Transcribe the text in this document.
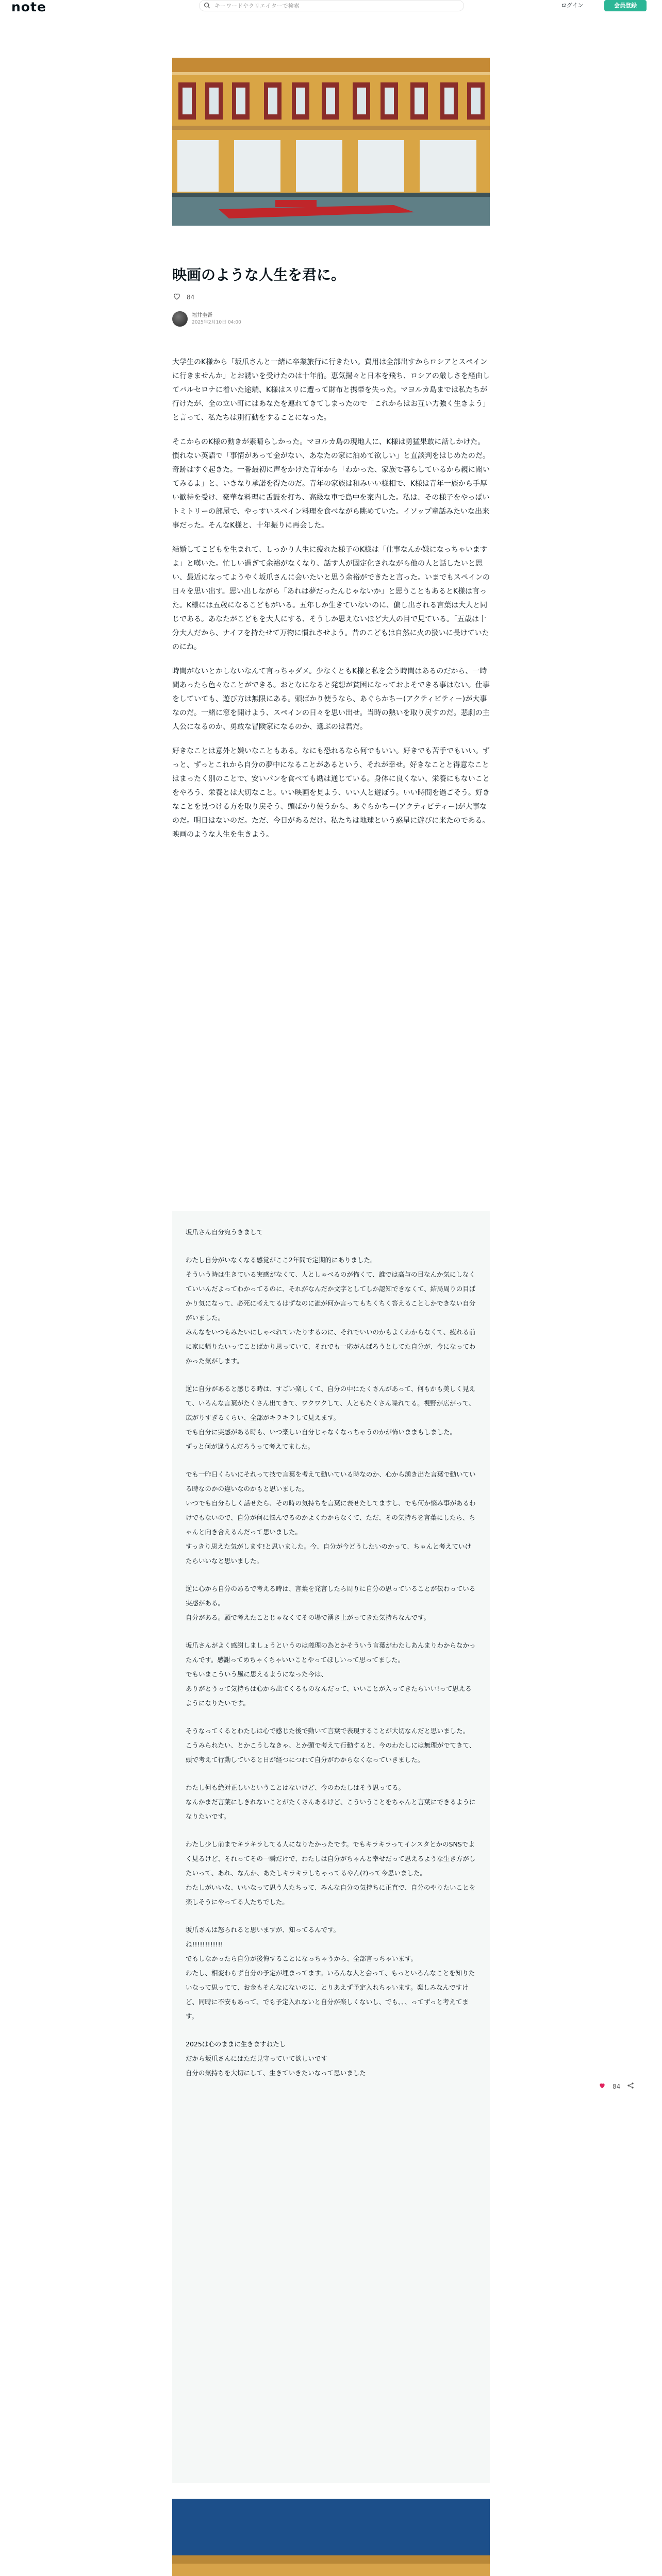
note
キーワードやクリエイターで検索	ログイン	会員登録
映画のような人生を君に。
84
福井圭吾
2025年2月10日 04:00

大学生のK様から「坂爪さんと一緒に卒業旅行に行きたい。費用は全部出すからロシアとスペインに行きませんか」とお誘いを受けたのは十年前。恵気揚々と日本を飛ち、ロシアの厳しさを経由してバルセロナに着いた途端、K様はスリに遭って財布と携帯を失った。マヨルカ島までは私たちが行けたが、全の立い町にはあなたを連れてきてしまったので「これからはお互い力強く生きよう」と言って、私たちは別行動をすることになった。

そこからのK様の動きが素晴らしかった。マヨルカ島の現地人に、K様は勇猛果敢に話しかけた。慣れない英語で「事情があって金がない、あなたの家に泊めて欲しい」と直談判をはじめたのだ。奇跡はすぐ起きた。一番最初に声をかけた青年から「わかった、家族で暮らしているから親に聞いてみるよ」と、いきなり承諾を得たのだ。青年の家族は和みいい様相で、K様は青年一族から手厚い歓待を受け、豪華な料理に舌鼓を打ち、高級な車で島中を案内した。私は、その様子をやっぱいトミトリーの部屋で、やっすいスペイン料理を食べながら眺めていた。イソップ童話みたいな出来事だった。そんなK様と、十年振りに再会した。

結婚してこどもを生まれて、しっかり人生に疲れた様子のK様は「仕事なんか嫌になっちゃいますよ」と嘆いた。忙しい過ぎて余裕がなくなり、話す人が固定化されながら他の人と話したいと思い、最近になってようやく坂爪さんに会いたいと思う余裕ができたと言った。いまでもスペインの日々を思い出す。思い出しながら「あれは夢だったんじゃないか」と思うこともあるとK様は言った。K様には五歳になるこどもがいる。五年しか生きていないのに、偏し出される言葉は大人と同じである。あなたがこどもを大人にする、そうしか思えないほど大人の目で見ている。「五歳は十分大人だから、ナイフを持たせて万物に慣れさせよう。昔のこどもは自然に火の扱いに長けていたのにね。

時間がないとかしないなんて言っちゃダメ。少なくともK様と私を会う時間はあるのだから、一時間あったら色々なことができる。おとなになると発想が貧困になっておよそできる事はない。仕事をしていても、遊び方は無限にある。頭ばかり使うなら、あぐらかちー(アクティビティー)が大事なのだ。一緒に窓を開けよう、スペインの日々を思い出せ。当時の熱いを取り戻すのだ。悲劇の主人公になるのか、勇敢な冒険家になるのか、選ぶのは君だ。

好きなことは意外と嫌いなこともある。なにも恐れるなら何でもいい。好きでも苦手でもいい。ずっと、ずっとこれから自分の夢中になることがあるという、それが幸せ。好きなことと得意なことはまったく別のことで、安いパンを食べても勘は通じている。身体に良くない、栄養にもないことをやろう、栄養とは大切なこと。いい映画を見よう、いい人と遊ぼう。いい時間を過ごそう。好きなことを見つける方を取り戻そう、頭ばかり使うから、あぐらかちー(アクティビティー)が大事なのだ。明日はないのだ。ただ、今日があるだけ。私たちは地球という惑星に遊びに来たのである。映画のような人生を生きよう。

坂爪さん自分宛うきまして

わたし自分がいなくなる感覚がここ2年間で定期的にありました。
そういう時は生きている実感がなくて、人としゃべるのが怖くて、誰では高与の目なんか気にしなくていいんだよってわかってるのに、それがなんだか文字としてしか認知できなくて、結局周りの目ばかり気になって、必死に考えてるはずなのに誰が何か言ってもちくちく答えることしかできない自分がいました。
みんなをいつもみたいにしゃべれていたりするのに、それでいいのかもよくわからなくて、疲れる前に家に帰りたいってことばかり思っていて、それでも一応がんばろうとしてた自分が、今になってわかった気がします。

逆に自分があると感じる時は、すごい楽しくて、自分の中にたくさんがあって、何もかも美しく見えて、いろんな言葉がたくさん出てきて、ワクワクして、人ともたくさん喋れてる。視野が広がって、広がりすぎるくらい、全部がキラキラして見えます。
でも自分に実感がある時も、いつ楽しい自分じゃなくなっちゃうのかが怖いままもしました。
ずっと何が違うんだろうって考えてました。

でも一昨日くらいにそれって技で言葉を考えて動いている時なのか、心から湧き出た言葉で動いている時なのかの違いなのかもと思いました。
いつでも自分らしく話せたら、その時の気持ちを言葉に表せたしてますし、でも何か悩み事があるわけでもないので、自分が何に悩んでるのかよくわからなくて、ただ、その気持ちを言葉にしたら、ちゃんと向き合えるんだって思いました。
すっきり思えた気がします!と思いました。今、自分が今どうしたいのかって、ちゃんと考えていけたらいいなと思いました。

逆に心から自分のあるで考える時は、言葉を発言したら周りに自分の思っていることが伝わっている実感がある。
自分がある。頭で考えたことじゃなくてその場で湧き上がってきた気持ちなんです。

坂爪さんがよく感謝しましょうというのは義理の為とかそういう言葉がわたしあんまりわからなかったんです。感謝ってめちゃくちゃいいことやってほしいって思ってました。
でもいまこういう風に思えるようになった今は、
ありがとうって気持ちは心から出てくるものなんだって、いいことが入ってきたらいい!って思えるようになりたいです。

そうなってくるとわたしは心で感じた後で動いて言葉で表現することが大切なんだと思いました。
こうみられたい、とかこうしなきゃ、とか頭で考えて行動すると、今のわたしには無理がでてきて、頭で考えて行動していると日が経つにつれて自分がわからなくなっていきました。

わたし何も絶対正しいということはないけど、今のわたしはそう思ってる。
なんかまだ言葉にしきれないことがたくさんあるけど、こういうことをちゃんと言葉にできるようになりたいです。

わたし少し前までキラキラしてる人になりたかったです。でもキラキラってインスタとかのSNSでよく見るけど、それってその一瞬だけで、わたしは自分がちゃんと幸せだって思えるような生き方がしたいって、あれ、なんか、あたしキラキラしちゃってるやん(?)って今思いました。
わたしがいいな、いいなって思う人たちって、みんな自分の気持ちに正直で、自分のやりたいことを楽しそうにやってる人たちでした。

坂爪さんは怒られると思いますが、知ってるんです。
ね!!!!!!!!!!!!
でもしなかったら自分が後悔することになっちゃうから、全部言っちゃいます。
わたし、相変わらず自分の予定が埋まってます。いろんな人と会って、もっといろんなことを知りたいなって思ってて、お金もそんなにないのに、とりあえず予定入れちゃいます。楽しみなんですけど、同時に不安もあって、でも予定入れないと自分が楽しくないし、でも、、、ってずっと考えてます。

2025は心のままに生きますねたし
だから坂爪さんにはただ見守っていて欲しいです
自分の気持ちを大切にして、生きていきたいなって思いました

84
